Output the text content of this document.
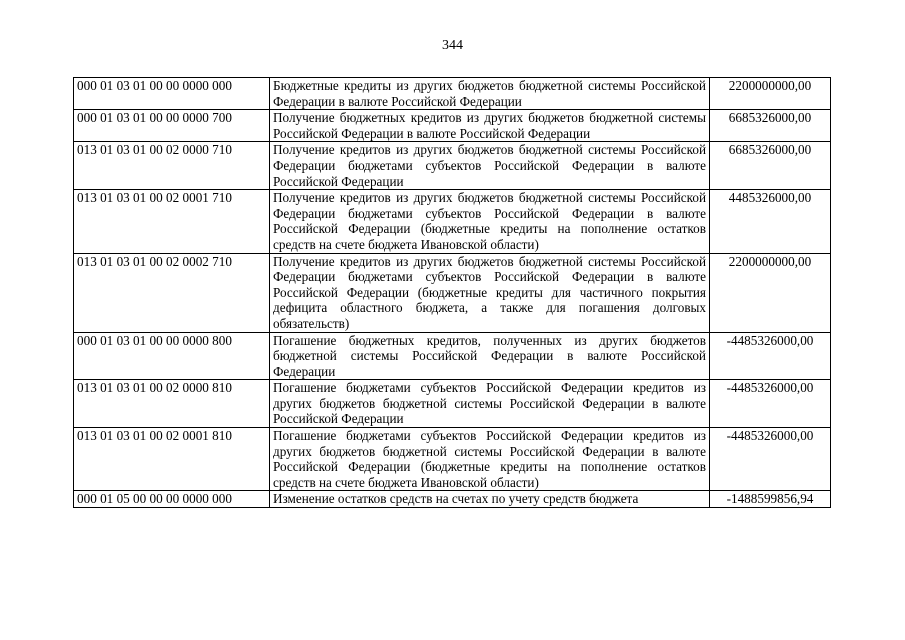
344
000 01 03 01 00 00 0000 000	Бюджетные кредиты из других бюджетов бюджетной системы Российской Федерации в валюте Российской Федерации	2200000000,00
000 01 03 01 00 00 0000 700	Получение бюджетных кредитов из других бюджетов бюджетной системы Российской Федерации в валюте Российской Федерации	6685326000,00
013 01 03 01 00 02 0000 710	Получение кредитов из других бюджетов бюджетной системы Российской Федерации бюджетами субъектов Российской Федерации в валюте Российской Федерации	6685326000,00
013 01 03 01 00 02 0001 710	Получение кредитов из других бюджетов бюджетной системы Российской Федерации бюджетами субъектов Российской Федерации в валюте Российской Федерации (бюджетные кредиты на пополнение остатков средств на счете бюджета Ивановской области)	4485326000,00
013 01 03 01 00 02 0002 710	Получение кредитов из других бюджетов бюджетной системы Российской Федерации бюджетами субъектов Российской Федерации в валюте Российской Федерации (бюджетные кредиты для частичного покрытия дефицита областного бюджета, а также для погашения долговых обязательств)	2200000000,00
000 01 03 01 00 00 0000 800	Погашение бюджетных кредитов, полученных из других бюджетов бюджетной системы Российской Федерации в валюте Российской Федерации	-4485326000,00
013 01 03 01 00 02 0000 810	Погашение бюджетами субъектов Российской Федерации кредитов из других бюджетов бюджетной системы Российской Федерации в валюте Российской Федерации	-4485326000,00
013 01 03 01 00 02 0001 810	Погашение бюджетами субъектов Российской Федерации кредитов из других бюджетов бюджетной системы Российской Федерации в валюте Российской Федерации (бюджетные кредиты на пополнение остатков средств на счете бюджета Ивановской области)	-4485326000,00
000 01 05 00 00 00 0000 000	Изменение остатков средств на счетах по учету средств бюджета	-1488599856,94
